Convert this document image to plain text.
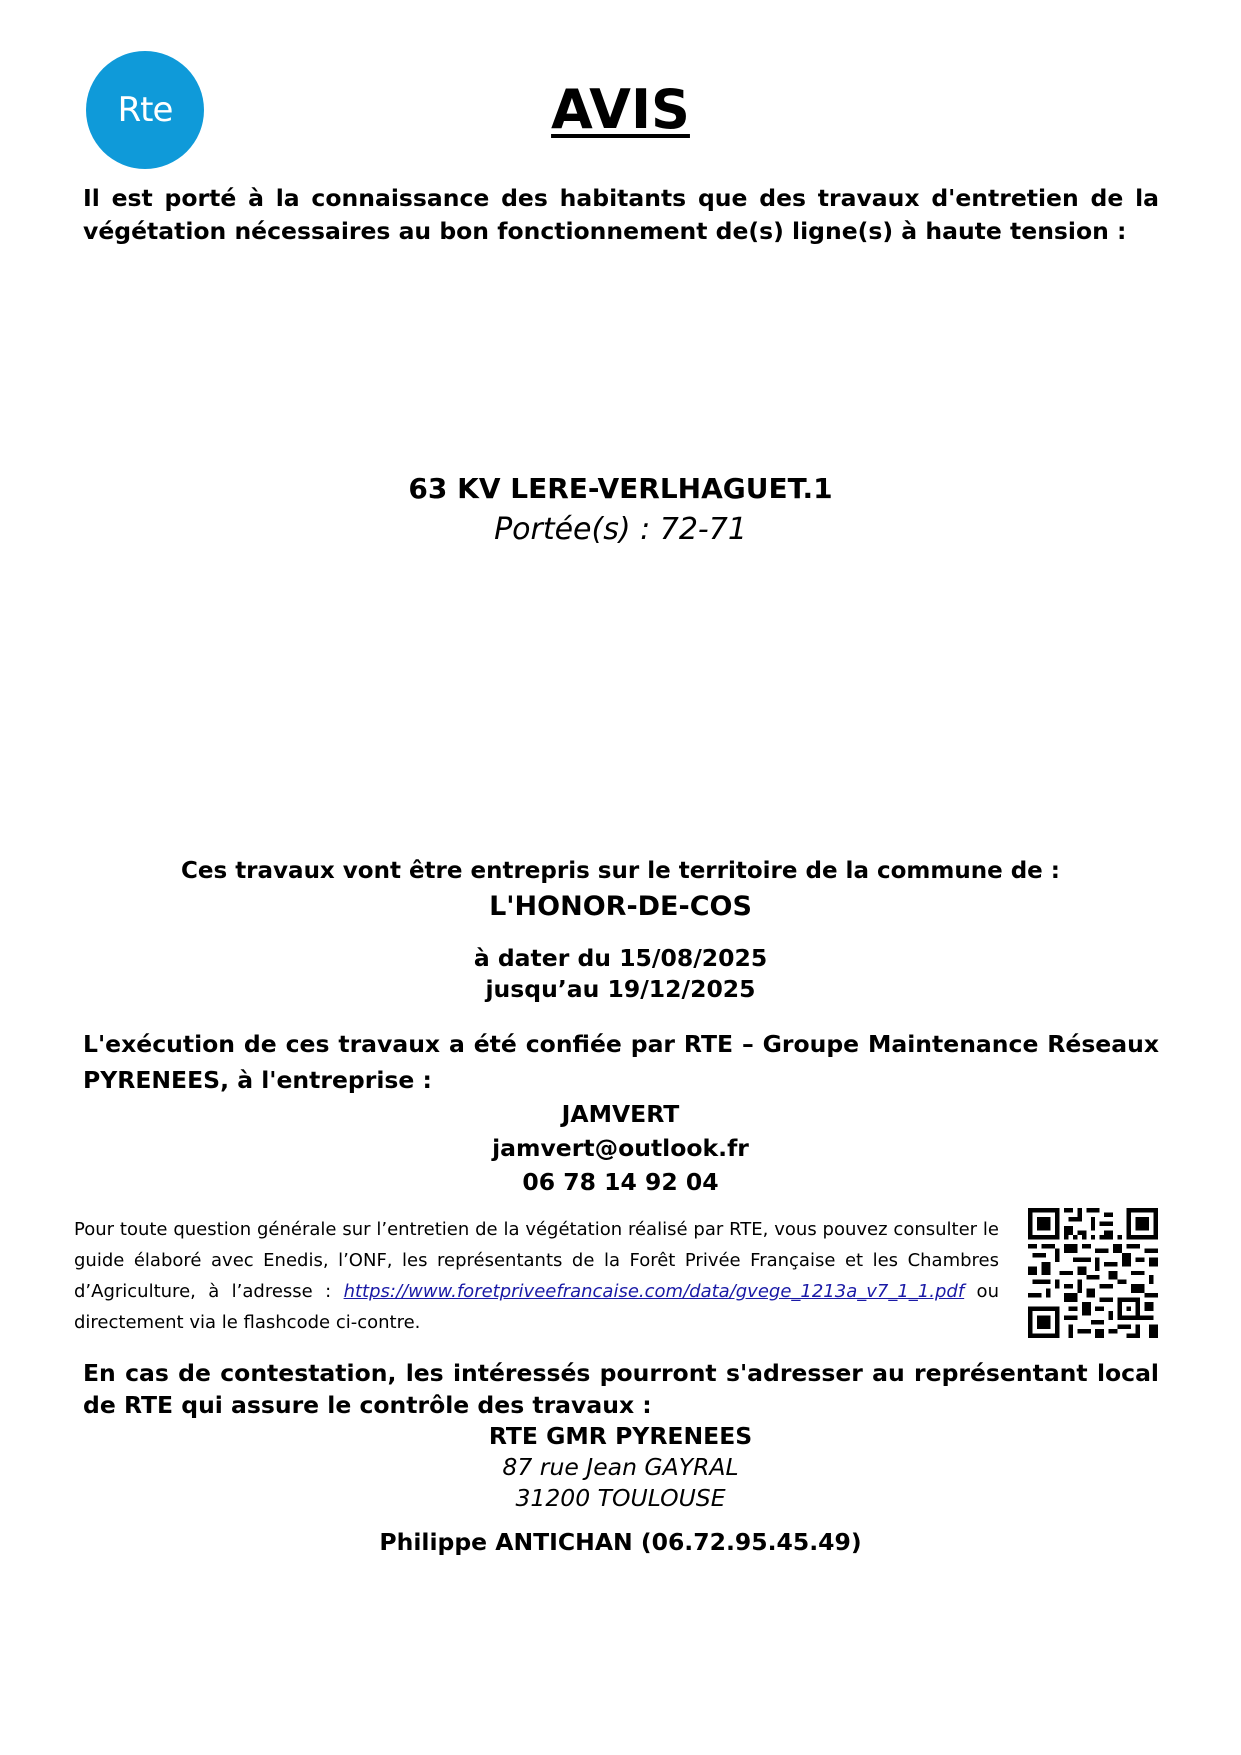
Rte	AVIS
Il est porté à la connaissance des habitants que des travaux d'entretien de la végétation nécessaires au bon fonctionnement de(s) ligne(s) à haute tension :
63 KV LERE-VERLHAGUET.1
Portée(s) : 72-71
Ces travaux vont être entrepris sur le territoire de la commune de :
L'HONOR-DE-COS
à dater du 15/08/2025
jusqu’au 19/12/2025
L'exécution de ces travaux a été confiée par RTE – Groupe Maintenance Réseaux PYRENEES, à l'entreprise :
JAMVERT
jamvert@outlook.fr
06 78 14 92 04
Pour toute question générale sur l’entretien de la végétation réalisé par RTE, vous pouvez consulter le guide élaboré avec Enedis, l’ONF, les représentants de la Forêt Privée Française et les Chambres d’Agriculture, à l’adresse : https://www.foretpriveefrancaise.com/data/gvege_1213a_v7_1_1.pdf ou directement via le flashcode ci-contre.
En cas de contestation, les intéressés pourront s'adresser au représentant local de RTE qui assure le contrôle des travaux :
RTE GMR PYRENEES
87 rue Jean GAYRAL
31200 TOULOUSE
Philippe ANTICHAN (06.72.95.45.49)
